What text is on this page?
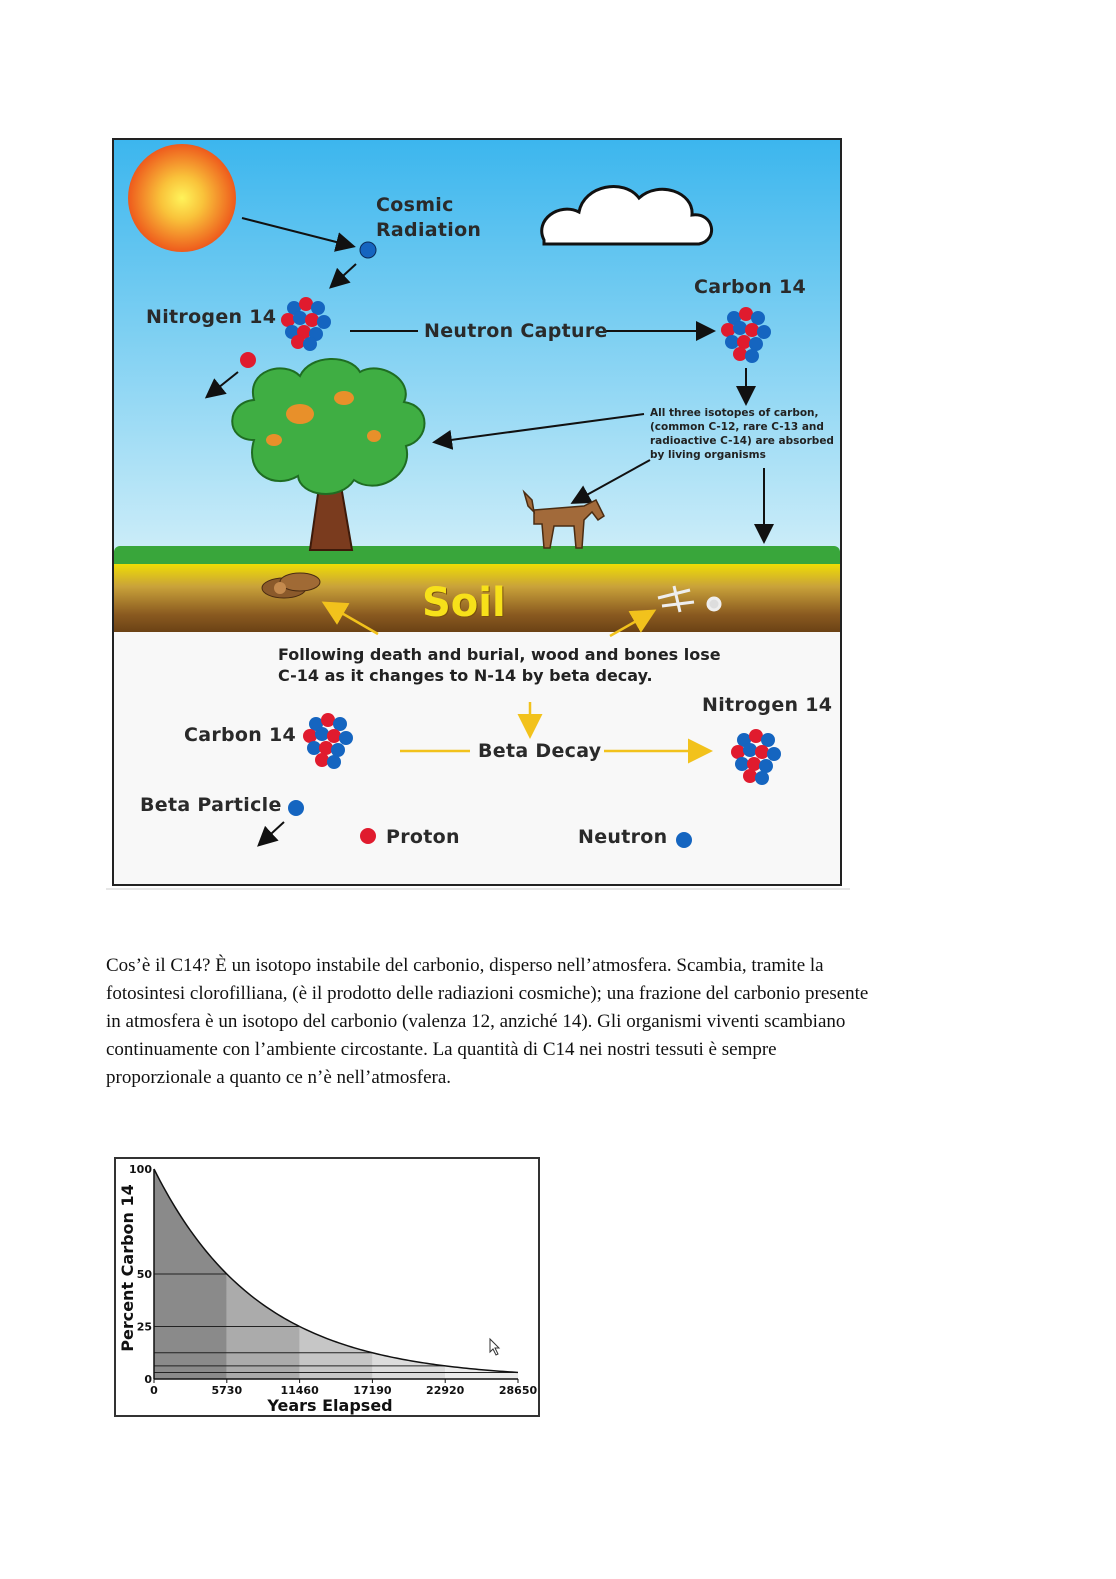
Cosmic
Radiation
Nitrogen 14
Neutron Capture
Carbon 14
All three isotopes of carbon,
(common C-12, rare C-13 and
radioactive C-14) are absorbed
by living organisms
Soil
Following death and burial, wood and bones lose
C-14 as it changes to N-14 by beta decay.
Carbon 14
Beta Decay
Nitrogen 14
Beta Particle
Proton	Neutron
Cos’è il C14? È un isotopo instabile del carbonio, disperso nell’atmosfera. Scambia, tramite la
fotosintesi clorofilliana, (è il prodotto delle radiazioni cosmiche); una frazione del carbonio presente
in atmosfera è un isotopo del carbonio (valenza 12, anziché 14). Gli organismi viventi scambiano
continuamente con l’ambiente circostante. La quantità di C14 nei nostri tessuti è sempre
proporzionale a quanto ce n’è nell’atmosfera.
0	5730	11460	17190	22920	28650
0
25
50
100
Years Elapsed
Percent Carbon 14
